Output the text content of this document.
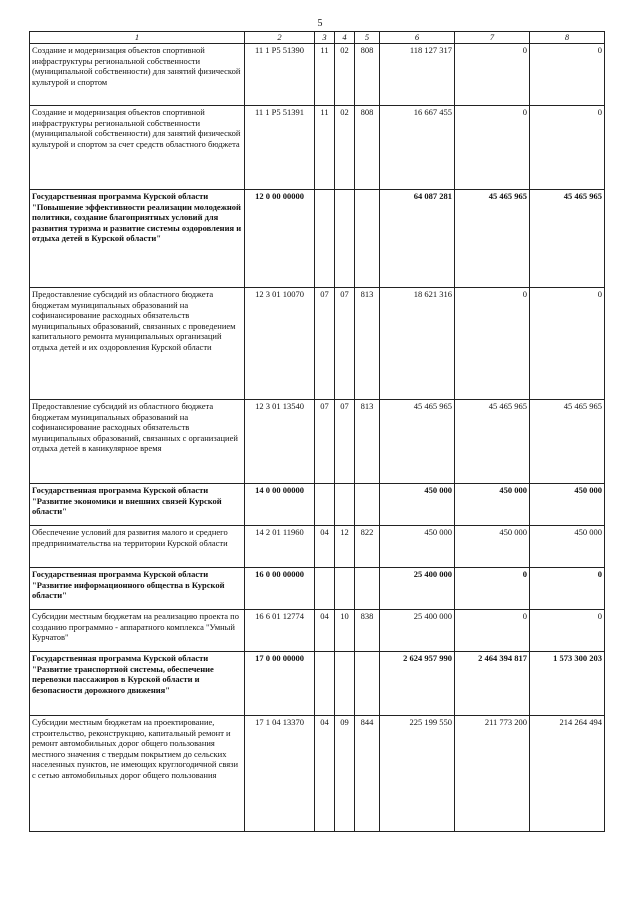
5
1	2	3	4	5	6	7	8
Создание и модернизация объектов спортивной инфраструктуры региональной собственности (муниципальной собственности) для занятий физической культурой и спортом	11 1 P5 51390	11	02	808	118 127 317	0	0
Создание и модернизация объектов спортивной инфраструктуры региональной собственности (муниципальной собственности) для занятий физической культурой и спортом за счет средств областного бюджета	11 1 P5 51391	11	02	808	16 667 455	0	0
Государственная программа Курской области "Повышение эффективности реализации молодежной политики, создание благоприятных условий для развития туризма и развитие системы оздоровления и отдыха детей в Курской области"	12 0 00 00000				64 087 281	45 465 965	45 465 965
Предоставление субсидий из областного бюджета бюджетам муниципальных образований на софинансирование расходных обязательств муниципальных образований, связанных с проведением капитального ремонта муниципальных организаций отдыха детей и их оздоровления Курской области	12 3 01 10070	07	07	813	18 621 316	0	0
Предоставление субсидий из областного бюджета бюджетам муниципальных образований на софинансирование расходных обязательств муниципальных образований, связанных с организацией отдыха детей в каникулярное время	12 3 01 13540	07	07	813	45 465 965	45 465 965	45 465 965
Государственная программа Курской области "Развитие экономики и внешних связей Курской области"	14 0 00 00000				450 000	450 000	450 000
Обеспечение условий для развития малого и среднего предпринимательства на территории Курской области	14 2 01 11960	04	12	822	450 000	450 000	450 000
Государственная программа Курской области "Развитие информационного общества в Курской области"	16 0 00 00000				25 400 000	0	0
Субсидии местным бюджетам на реализацию проекта по созданию программно - аппаратного комплекса "Умный Курчатов"	16 6 01 12774	04	10	838	25 400 000	0	0
Государственная программа Курской области "Развитие транспортной системы, обеспечение перевозки пассажиров в Курской области и безопасности дорожного движения"	17 0 00 00000				2 624 957 990	2 464 394 817	1 573 300 203
Субсидии местным бюджетам на проектирование, строительство, реконструкцию, капитальный ремонт и ремонт автомобильных дорог общего пользования местного значения с твердым покрытием до сельских населенных пунктов, не имеющих круглогодичной связи с сетью автомобильных дорог общего пользования	17 1 04 13370	04	09	844	225 199 550	211 773 200	214 264 494
